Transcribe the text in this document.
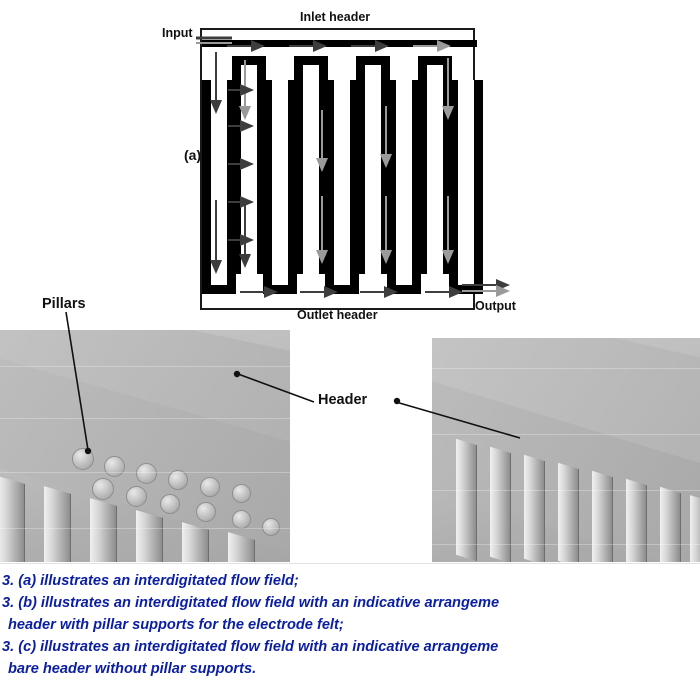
(a)
Inlet header
Outlet header
Input
Output
Pillars
Header
3. (a) illustrates an interdigitated flow field;
3. (b) illustrates an interdigitated flow field with an indicative arrangeme
header with pillar supports for the electrode felt;
3. (c) illustrates an interdigitated flow field with an indicative arrangeme
bare header without pillar supports.
